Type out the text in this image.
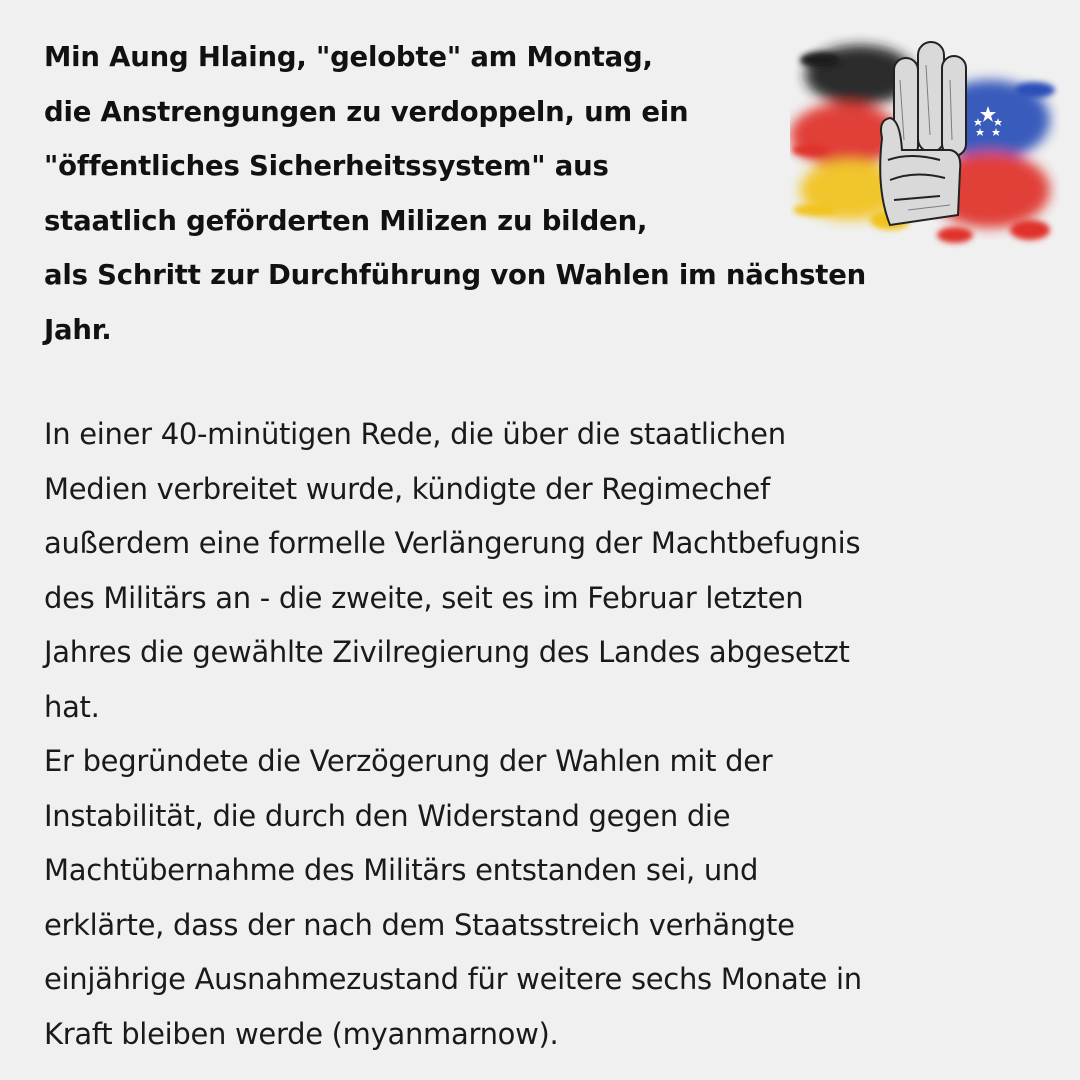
Min Aung Hlaing, "gelobte" am Montag,
die Anstrengungen zu verdoppeln, um ein
"öffentliches Sicherheitssystem" aus
staatlich geförderten Milizen zu bilden,
als Schritt zur Durchführung von Wahlen im nächsten
Jahr.
In einer 40-minütigen Rede, die über die staatlichen
Medien verbreitet wurde, kündigte der Regimechef
außerdem eine formelle Verlängerung der Machtbefugnis
des Militärs an - die zweite, seit es im Februar letzten
Jahres die gewählte Zivilregierung des Landes abgesetzt
hat.
Er begründete die Verzögerung der Wahlen mit der
Instabilität, die durch den Widerstand gegen die
Machtübernahme des Militärs entstanden sei, und
erklärte, dass der nach dem Staatsstreich verhängte
einjährige Ausnahmezustand für weitere sechs Monate in
Kraft bleiben werde (myanmarnow).
